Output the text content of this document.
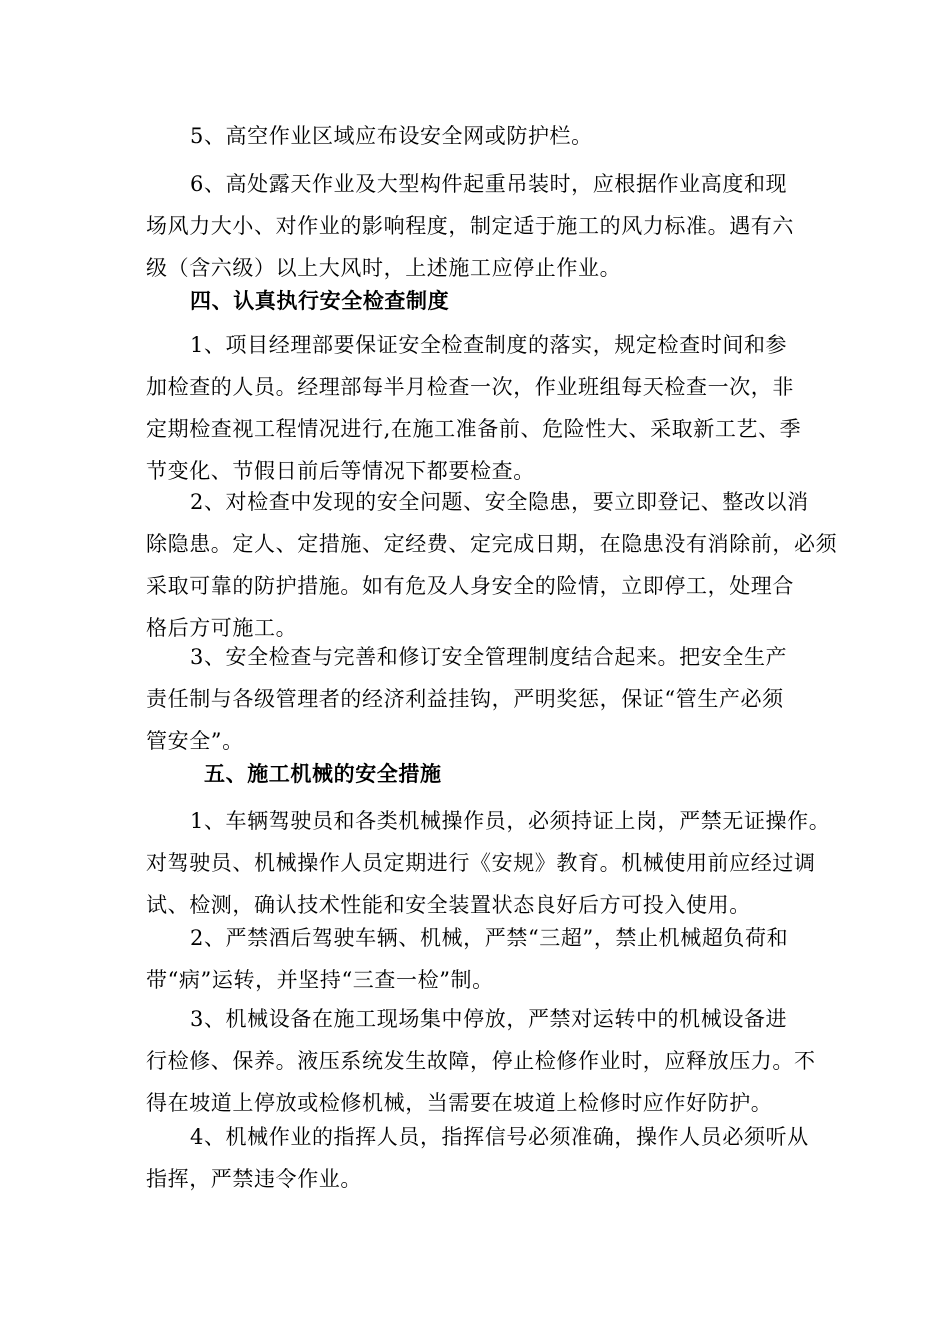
5、高空作业区域应布设安全网或防护栏。
6、高处露天作业及大型构件起重吊装时，应根据作业高度和现
场风力大小、对作业的影响程度，制定适于施工的风力标准。遇有六
级（含六级）以上大风时，上述施工应停止作业。
四、认真执行安全检查制度
1、项目经理部要保证安全检查制度的落实，规定检查时间和参
加检查的人员。经理部每半月检查一次，作业班组每天检查一次，非
定期检查视工程情况进行,在施工准备前、危险性大、采取新工艺、季
节变化、节假日前后等情况下都要检查。
2、对检查中发现的安全问题、安全隐患，要立即登记、整改以消
除隐患。定人、定措施、定经费、定完成日期，在隐患没有消除前，必须
采取可靠的防护措施。如有危及人身安全的险情，立即停工，处理合
格后方可施工。
3、安全检查与完善和修订安全管理制度结合起来。把安全生产
责任制与各级管理者的经济利益挂钩，严明奖惩，保证“管生产必须
管安全”。
五、施工机械的安全措施
1、车辆驾驶员和各类机械操作员，必须持证上岗，严禁无证操作。
对驾驶员、机械操作人员定期进行《安规》教育。机械使用前应经过调
试、检测，确认技术性能和安全装置状态良好后方可投入使用。
2、严禁酒后驾驶车辆、机械，严禁“三超”，禁止机械超负荷和
带“病”运转，并坚持“三查一检”制。
3、机械设备在施工现场集中停放，严禁对运转中的机械设备进
行检修、保养。液压系统发生故障，停止检修作业时，应释放压力。不
得在坡道上停放或检修机械，当需要在坡道上检修时应作好防护。
4、机械作业的指挥人员，指挥信号必须准确，操作人员必须听从
指挥，严禁违令作业。
